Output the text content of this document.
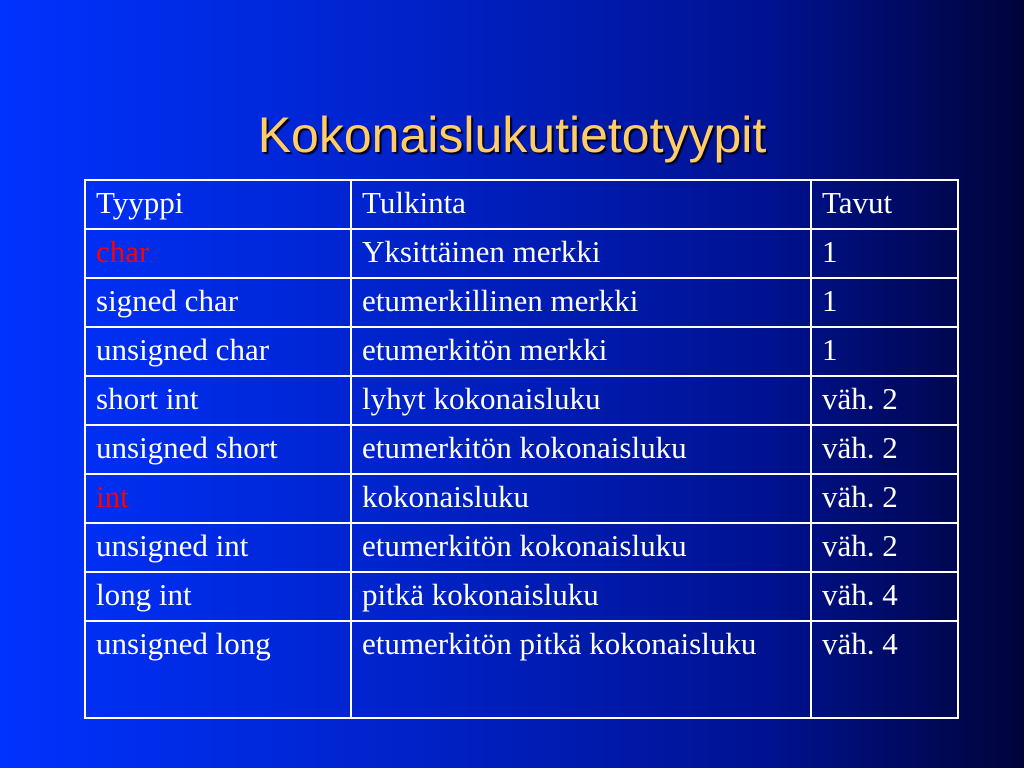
Kokonaislukutietotyypit
Tyyppi	Tulkinta	Tavut
char	Yksittäinen merkki	1
signed char	etumerkillinen merkki	1
unsigned char	etumerkitön merkki	1
short int	lyhyt kokonaisluku	väh. 2
unsigned short	etumerkitön kokonaisluku	väh. 2
int	kokonaisluku	väh. 2
unsigned int	etumerkitön kokonaisluku	väh. 2
long int	pitkä kokonaisluku	väh. 4
unsigned long	etumerkitön pitkä kokonaisluku	väh. 4
